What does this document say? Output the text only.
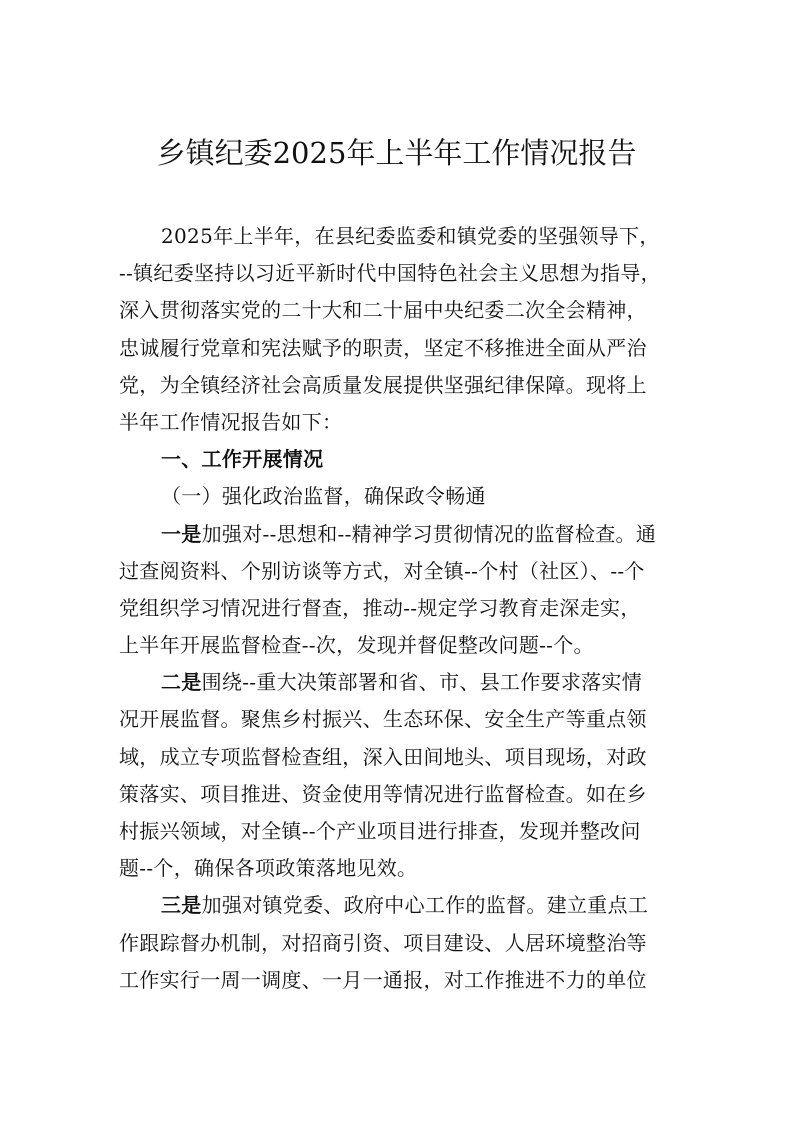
乡镇纪委2025年上半年工作情况报告
2025年上半年，在县纪委监委和镇党委的坚强领导下，
--镇纪委坚持以习近平新时代中国特色社会主义思想为指导，
深入贯彻落实党的二十大和二十届中央纪委二次全会精神，
忠诚履行党章和宪法赋予的职责，坚定不移推进全面从严治
党，为全镇经济社会高质量发展提供坚强纪律保障。现将上
半年工作情况报告如下：
一、工作开展情况
（一）强化政治监督，确保政令畅通
一是加强对--思想和--精神学习贯彻情况的监督检查。通
过查阅资料、个别访谈等方式，对全镇--个村（社区）、--个
党组织学习情况进行督查，推动--规定学习教育走深走实，
上半年开展监督检查--次，发现并督促整改问题--个。
二是围绕--重大决策部署和省、市、县工作要求落实情
况开展监督。聚焦乡村振兴、生态环保、安全生产等重点领
域，成立专项监督检查组，深入田间地头、项目现场，对政
策落实、项目推进、资金使用等情况进行监督检查。如在乡
村振兴领域，对全镇--个产业项目进行排查，发现并整改问
题--个，确保各项政策落地见效。
三是加强对镇党委、政府中心工作的监督。建立重点工
作跟踪督办机制，对招商引资、项目建设、人居环境整治等
工作实行一周一调度、一月一通报，对工作推进不力的单位
